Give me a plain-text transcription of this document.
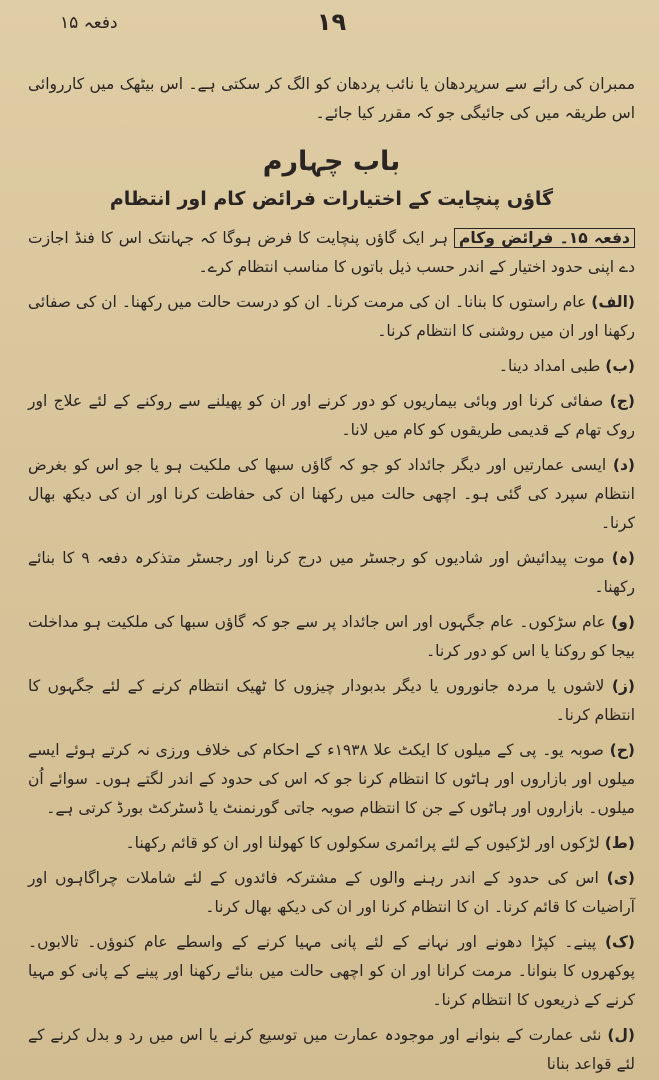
دفعہ ۱۵	۱۹

ممبران کی رائے سے سرپردھان یا نائب پردھان کو الگ کر سکتی ہے۔ اس بیٹھک میں کارروائی اس طریقہ میں کی جائیگی جو کہ مقرر کیا جائے۔

باب چہارم
گاؤں پنچایت کے اختیارات فرائض کام اور انتظام

دفعہ ۱۵۔ فرائض وکام ہر ایک گاؤں پنچایت کا فرض ہوگا کہ جہانتک اس کا فنڈ اجازت دے اپنی حدود اختیار کے اندر حسب ذیل باتوں کا مناسب انتظام کرے۔

(الف) عام راستوں کا بنانا۔ ان کی مرمت کرنا۔ ان کو درست حالت میں رکھنا۔ ان کی صفائی رکھنا اور ان میں روشنی کا انتظام کرنا۔

(ب) طبی امداد دینا۔

(ج) صفائی کرنا اور وبائی بیماریوں کو دور کرنے اور ان کو پھیلنے سے روکنے کے لئے علاج اور روک تھام کے قدیمی طریقوں کو کام میں لانا۔

(د) ایسی عمارتیں اور دیگر جائداد کو جو کہ گاؤں سبھا کی ملکیت ہو یا جو اس کو بغرض انتظام سپرد کی گئی ہو۔ اچھی حالت میں رکھنا ان کی حفاظت کرنا اور ان کی دیکھ بھال کرنا۔

(ہ) موت پیدائیش اور شادیوں کو رجسٹر میں درج کرنا اور رجسٹر متذکرہ دفعہ ۹ کا بنائے رکھنا۔

(و) عام سڑکوں۔ عام جگہوں اور اس جائداد پر سے جو کہ گاؤں سبھا کی ملکیت ہو مداخلت بیجا کو روکنا یا اس کو دور کرنا۔

(ز) لاشوں یا مردہ جانوروں یا دیگر بدبودار چیزوں کا ٹھیک انتظام کرنے کے لئے جگہوں کا انتظام کرنا۔

(ح) صوبہ یو۔ پی کے میلوں کا ایکٹ علا ۱۹۳۸ء کے احکام کی خلاف ورزی نہ کرتے ہوئے ایسے میلوں اور بازاروں اور ہاٹوں کا انتظام کرنا جو کہ اس کی حدود کے اندر لگتے ہوں۔ سوائے اُن میلوں۔ بازاروں اور ہاٹوں کے جن کا انتظام صوبہ جاتی گورنمنٹ یا ڈسٹرکٹ بورڈ کرتی ہے۔

(ط) لڑکوں اور لڑکیوں کے لئے پرائمری سکولوں کا کھولنا اور ان کو قائم رکھنا۔

(ی) اس کی حدود کے اندر رہنے والوں کے مشترکہ فائدوں کے لئے شاملات چراگاہوں اور آراضیات کا قائم کرنا۔ ان کا انتظام کرنا اور ان کی دیکھ بھال کرنا۔

(ک) پینے۔ کپڑا دھونے اور نہانے کے لئے پانی مہیا کرنے کے واسطے عام کنوؤں۔ تالابوں۔ پوکھروں کا بنوانا۔ مرمت کرانا اور ان کو اچھی حالت میں بنائے رکھنا اور پینے کے پانی کو مہیا کرنے کے ذریعوں کا انتظام کرنا۔

(ل) نئی عمارت کے بنوانے اور موجودہ عمارت میں توسیع کرنے یا اس میں رد و بدل کرنے کے لئے قواعد بنانا
